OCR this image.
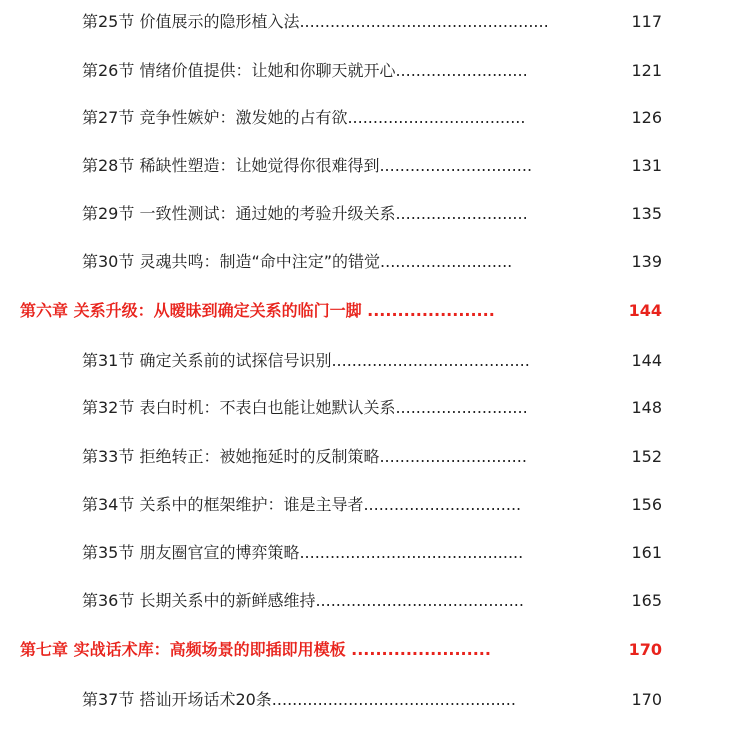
第25节 价值展示的隐形植入法.................................................	117
第26节 情绪价值提供：让她和你聊天就开心..........................	121
第27节 竞争性嫉妒：激发她的占有欲...................................	126
第28节 稀缺性塑造：让她觉得你很难得到..............................	131
第29节 一致性测试：通过她的考验升级关系..........................	135
第30节 灵魂共鸣：制造“命中注定”的错觉..........................	139
第六章 关系升级：从暧昧到确定关系的临门一脚 .....................	144
第31节 确定关系前的试探信号识别.......................................	144
第32节 表白时机：不表白也能让她默认关系..........................	148
第33节 拒绝转正：被她拖延时的反制策略.............................	152
第34节 关系中的框架维护：谁是主导者...............................	156
第35节 朋友圈官宣的博弈策略............................................	161
第36节 长期关系中的新鲜感维持.........................................	165
第七章 实战话术库：高频场景的即插即用模板 .......................	170
第37节 搭讪开场话术20条................................................	170
